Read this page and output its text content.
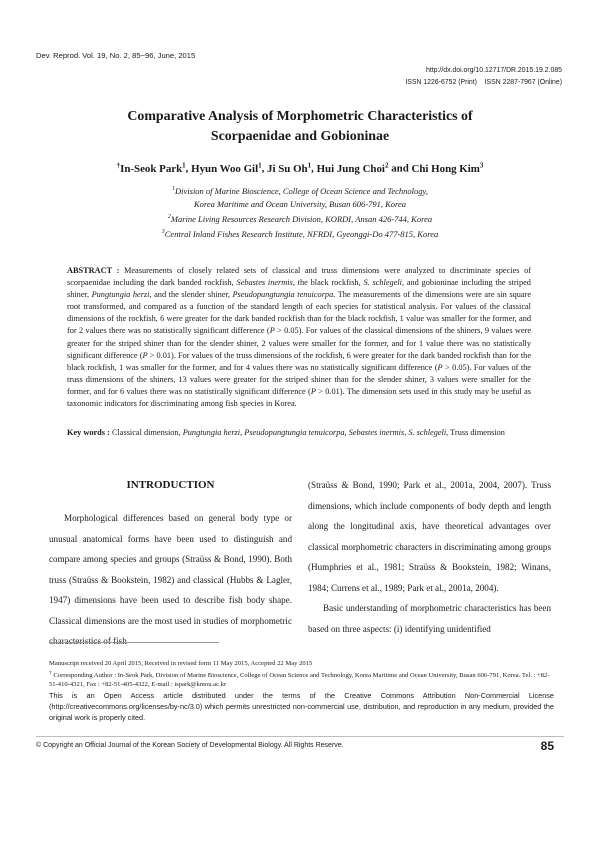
Dev. Reprod. Vol. 19, No. 2, 85~96, June, 2015
http://dx.doi.org/10.12717/DR.2015.19.2.085
ISSN 1226-6752 (Print)    ISSN 2287-7967 (Online)
Comparative Analysis of Morphometric Characteristics of
Scorpaenidae and Gobioninae
†In-Seok Park$^1$, Hyun Woo Gil$^1$, Ji Su Oh$^1$, Hui Jung Choi$^2$ and Chi Hong Kim$^3$
$^1$Division of Marine Bioscience, College of Ocean Science and Technology,
Korea Maritime and Ocean University, Busan 606-791, Korea
$^2$Marine Living Resources Research Division, KORDI, Ansan 426-744, Korea
$^3$Central Inland Fishes Research Institute, NFRDI, Gyeonggi-Do 477-815, Korea

ABSTRACT : Measurements of closely related sets of classical and truss dimensions were analyzed to discriminate species of scorpaenidae including the dark banded rockfish, Sebastes inermis, the black rockfish, S. schlegeli, and gobioninae including the striped shiner, Pungtungia herzi, and the slender shiner, Pseudopungtungia tenuicorpa. The measurements of the dimensions were are sin square root transformed, and compared as a function of the standard length of each species for statistical analysis. For values of the classical dimensions of the rockfish, 6 were greater for the dark banded rockfish than for the black rockfish, 1 value was smaller for the former, and for 2 values there was no statistically significant difference (P > 0.05). For values of the classical dimensions of the shiners, 9 values were greater for the striped shiner than for the slender shiner, 2 values were smaller for the former, and for 1 value there was no statistically significant difference (P > 0.01). For values of the truss dimensions of the rockfish, 6 were greater for the dark banded rockfish than for the black rockfish, 1 was smaller for the former, and for 4 values there was no statistically significant difference (P > 0.05). For values of the truss dimensions of the shiners, 13 values were greater for the striped shiner than for the slender shiner, 3 values were smaller for the former, and for 6 values there was no statistically significant difference (P > 0.01). The dimension sets used in this study may be useful as taxonomic indicators for discriminating among fish species in Korea.

Key words : Classical dimension, Pungtungia herzi, Pseudopungtungia tenuicorpa, Sebastes inermis, S. schlegeli, Truss dimension

INTRODUCTION

Morphological differences based on general body type or unusual anatomical forms have been used to distinguish and compare among species and groups (Straüss & Bond, 1990). Both truss (Straüss & Bookstein, 1982) and classical (Hubbs & Lagler, 1947) dimensions have been used to describe fish body shape. Classical dimensions are the most used in studies of morphometric characteristics of fish

(Straüss & Bond, 1990; Park et al., 2001a, 2004, 2007). Truss dimensions, which include components of body depth and length along the longitudinal axis, have theoretical advantages over classical morphometric characters in discriminating among groups (Humphries et al., 1981; Straüss & Bookstein, 1982; Winans, 1984; Currens et al., 1989; Park et al., 2001a, 2004).

Basic understanding of morphometric characteristics has been based on three aspects: (i) identifying unidentified

Manuscript received 20 April 2015, Received in revised form 11 May 2015, Accepted 22 May 2015
† Corresponding Author : In-Seok Park, Division of Marine Bioscience, College of Ocean Science and Technology, Korea Maritime and Ocean University, Busan 606-791, Korea. Tel. : +82-51-410-4321, Fax : +82-51-405-4322, E-mail : ispark@kmou.ac.kr
This is an Open Access article distributed under the terms of the Creative Commons Attribution Non-Commercial License (http://creativecommons.org/licenses/by-nc/3.0) which permits unrestricted non-commercial use, distribution, and reproduction in any medium, provided the original work is properly cited.
© Copyright an Official Journal of the Korean Society of Developmental Biology. All Rights Reserve.	85
